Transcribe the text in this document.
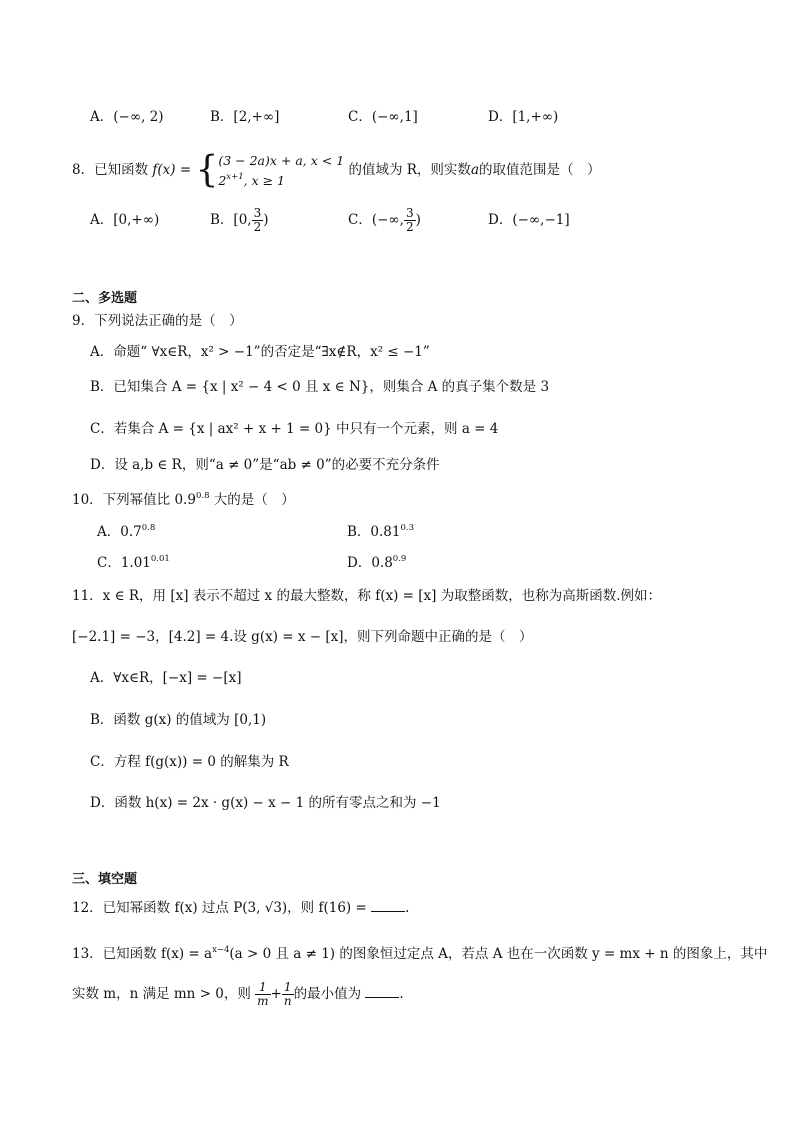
A．(−∞, 2)	B．[2,+∞]	C．(−∞,1]	D．[1,+∞)
8．已知函数 f(x) = { (3 − 2a)x + a, x < 1
$2^{x+1}$, x ≥ 1
的值域为 R，则实数a的取值范围是（　）
A．[0,+∞)	B．[0, $\frac{3}{2}$ )	C．(−∞, $\frac{3}{2}$ )	D．(−∞,−1]
二、多选题
9．下列说法正确的是（　）
A．命题“ ∀x∈R，x² > −1”的否定是“∃x∉R，x² ≤ −1”
B．已知集合 A = {x | x² − 4 < 0 且 x ∈ N}，则集合 A 的真子集个数是 3
C．若集合 A = {x | ax² + x + 1 = 0} 中只有一个元素，则 a = 4
D．设 a,b ∈ R，则“a ≠ 0”是“ab ≠ 0”的必要不充分条件
10．下列幂值比 $0.9^{0.8}$ 大的是（　）
A．$0.7^{0.8}$	B．$0.81^{0.3}$
C．$1.01^{0.01}$	D．$0.8^{0.9}$
11．x ∈ R，用 [x] 表示不超过 x 的最大整数，称 f(x) = [x] 为取整函数，也称为高斯函数.例如：
[−2.1] = −3，[4.2] = 4.设 g(x) = x − [x]，则下列命题中正确的是（　）
A．∀x∈R，[−x] = −[x]
B．函数 g(x) 的值域为 [0,1)
C．方程 f(g(x)) = 0 的解集为 R
D．函数 h(x) = 2x · g(x) − x − 1 的所有零点之和为 −1
三、填空题
12．已知幂函数 f(x) 过点 P(3, √3)，则 f(16) =	.
13．已知函数 $f(x) = a^{x-4}(a > 0$ 且 a ≠ 1) 的图象恒过定点 A，若点 A 也在一次函数 y = mx + n 的图象上，其中
实数 m，n 满足 mn > 0，则 $\frac{1}{m} + \frac{1}{n}$ 的最小值为	.
